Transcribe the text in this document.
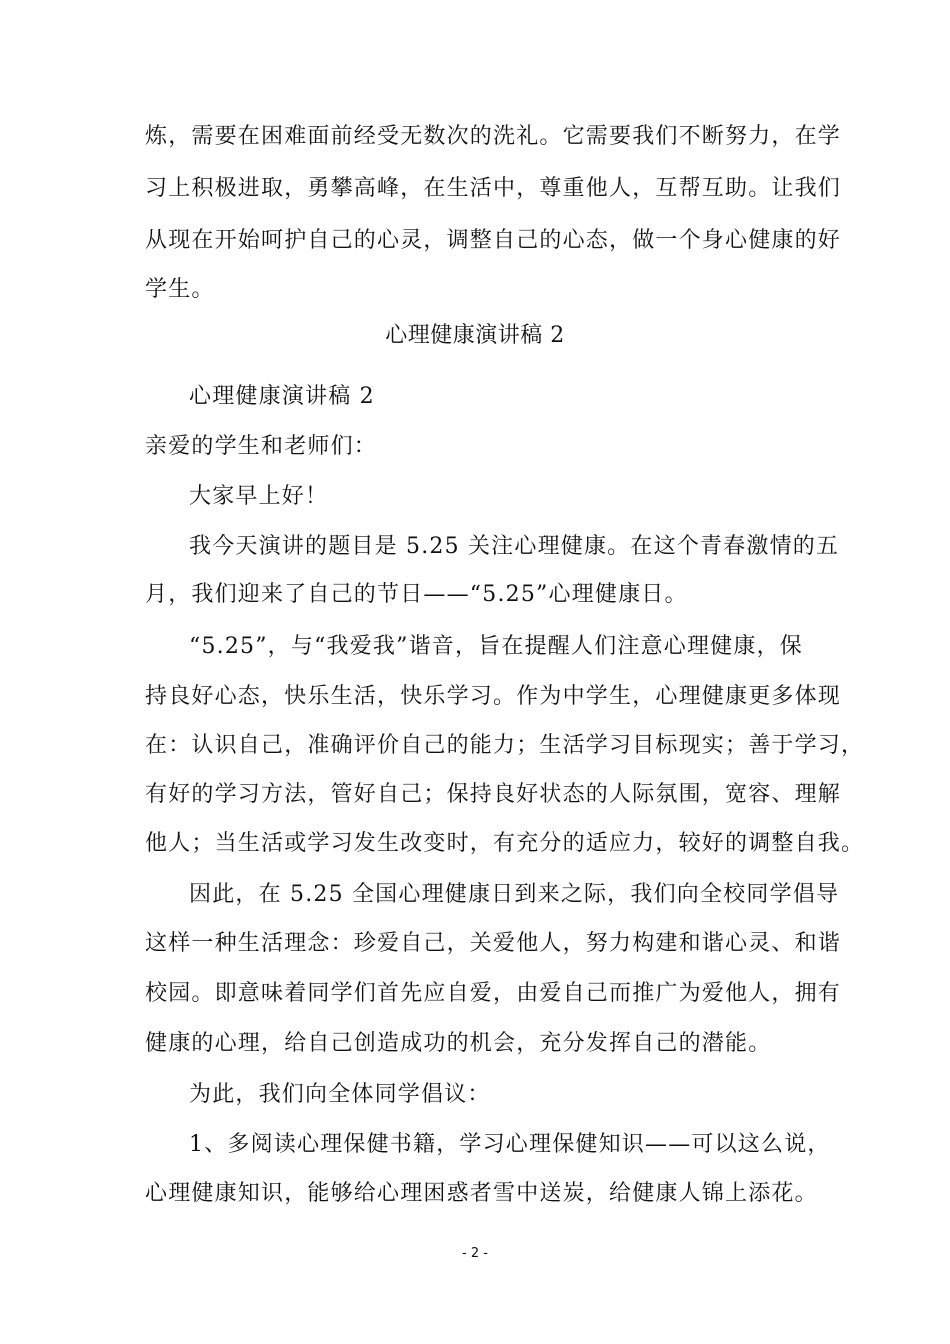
炼，需要在困难面前经受无数次的洗礼。它需要我们不断努力，在学
习上积极进取，勇攀高峰，在生活中，尊重他人，互帮互助。让我们
从现在开始呵护自己的心灵，调整自己的心态，做一个身心健康的好
学生。
心理健康演讲稿 2
心理健康演讲稿 2
亲爱的学生和老师们：
大家早上好！
我今天演讲的题目是 5.25 关注心理健康。在这个青春激情的五
月，我们迎来了自己的节日——“5.25”心理健康日。
“5.25”，与“我爱我”谐音，旨在提醒人们注意心理健康，保
持良好心态，快乐生活，快乐学习。作为中学生，心理健康更多体现
在：认识自己，准确评价自己的能力；生活学习目标现实；善于学习，
有好的学习方法，管好自己；保持良好状态的人际氛围，宽容、理解
他人；当生活或学习发生改变时，有充分的适应力，较好的调整自我。
因此，在 5.25 全国心理健康日到来之际，我们向全校同学倡导
这样一种生活理念：珍爱自己，关爱他人，努力构建和谐心灵、和谐
校园。即意味着同学们首先应自爱，由爱自己而推广为爱他人，拥有
健康的心理，给自己创造成功的机会，充分发挥自己的潜能。
为此，我们向全体同学倡议：
1、多阅读心理保健书籍，学习心理保健知识——可以这么说，
心理健康知识，能够给心理困惑者雪中送炭，给健康人锦上添花。
- 2 -
